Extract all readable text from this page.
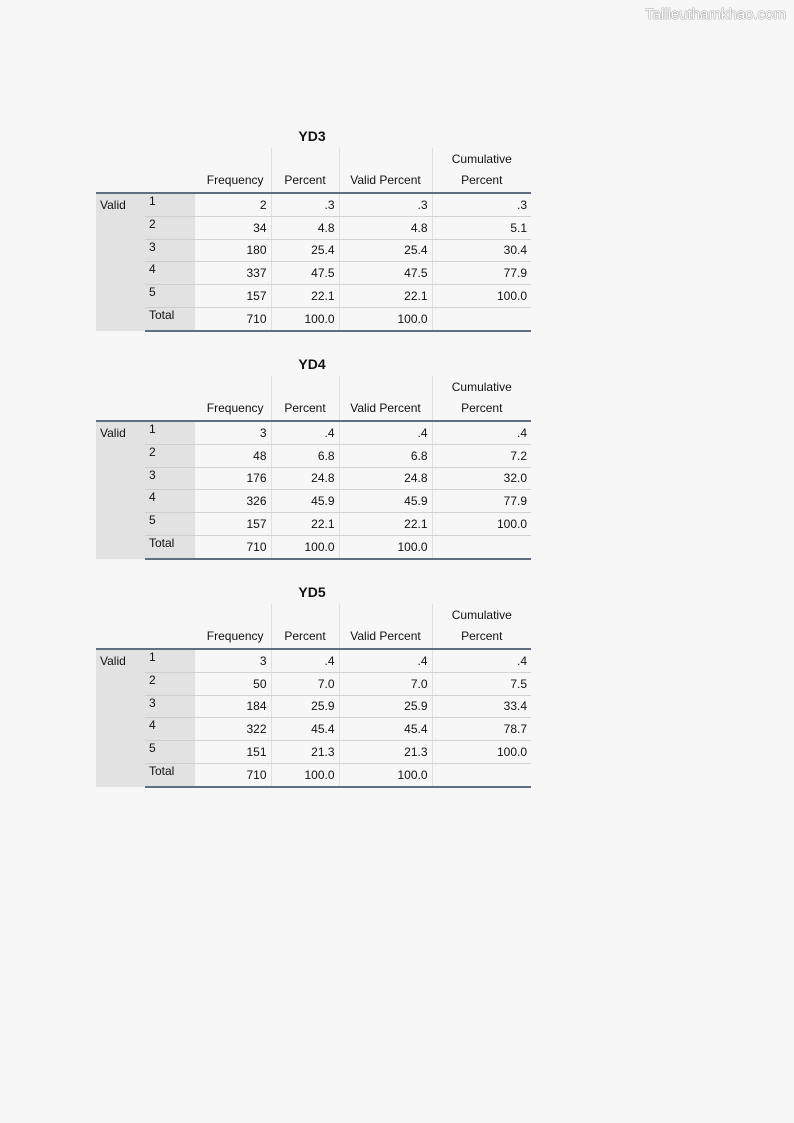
Tailieuthamkhao.com
YD3
		Frequency	Percent	Valid Percent	Cumulative
Percent
Valid	1	2	.3	.3	.3
	2	34	4.8	4.8	5.1
	3	180	25.4	25.4	30.4
	4	337	47.5	47.5	77.9
	5	157	22.1	22.1	100.0
	Total	710	100.0	100.0	
YD4
		Frequency	Percent	Valid Percent	Cumulative
Percent
Valid	1	3	.4	.4	.4
	2	48	6.8	6.8	7.2
	3	176	24.8	24.8	32.0
	4	326	45.9	45.9	77.9
	5	157	22.1	22.1	100.0
	Total	710	100.0	100.0	
YD5
		Frequency	Percent	Valid Percent	Cumulative
Percent
Valid	1	3	.4	.4	.4
	2	50	7.0	7.0	7.5
	3	184	25.9	25.9	33.4
	4	322	45.4	45.4	78.7
	5	151	21.3	21.3	100.0
	Total	710	100.0	100.0	
